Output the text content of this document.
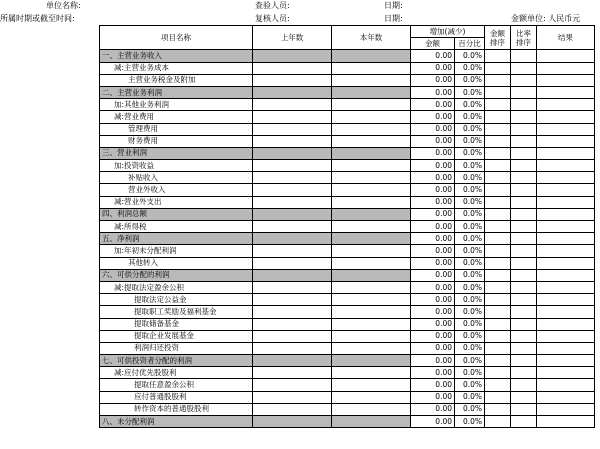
单位名称:	查验人员:	日期:
所属时期或截至时间:	复核人员:	日期:	金额单位: 人民币元
项目名称	上年数	本年数	增加(减少)		金额排序	比率排序	结果
			金额	百分比			
一、主营业务收入			0.00	0.0%			
减:主营业务成本			0.00	0.0%			
主营业务税金及附加			0.00	0.0%			
二、主营业务利润			0.00	0.0%			
加:其他业务利润			0.00	0.0%			
减:营业费用			0.00	0.0%			
管理费用			0.00	0.0%			
财务费用			0.00	0.0%			
三、营业利润			0.00	0.0%			
加:投资收益			0.00	0.0%			
补贴收入			0.00	0.0%			
营业外收入			0.00	0.0%			
减:营业外支出			0.00	0.0%			
四、利润总额			0.00	0.0%			
减:所得税			0.00	0.0%			
五、净利润			0.00	0.0%			
加:年初未分配利润			0.00	0.0%			
其他转入			0.00	0.0%			
六、可供分配的利润			0.00	0.0%			
减:提取法定盈余公积			0.00	0.0%			
提取法定公益金			0.00	0.0%			
提取职工奖励及福利基金			0.00	0.0%			
提取储备基金			0.00	0.0%			
提取企业发展基金			0.00	0.0%			
利润归还投资			0.00	0.0%			
七、可供投资者分配的利润			0.00	0.0%			
减:应付优先股股利			0.00	0.0%			
提取任意盈余公积			0.00	0.0%			
应付普通股股利			0.00	0.0%			
转作资本的普通股股利			0.00	0.0%			
八、未分配利润			0.00	0.0%			
